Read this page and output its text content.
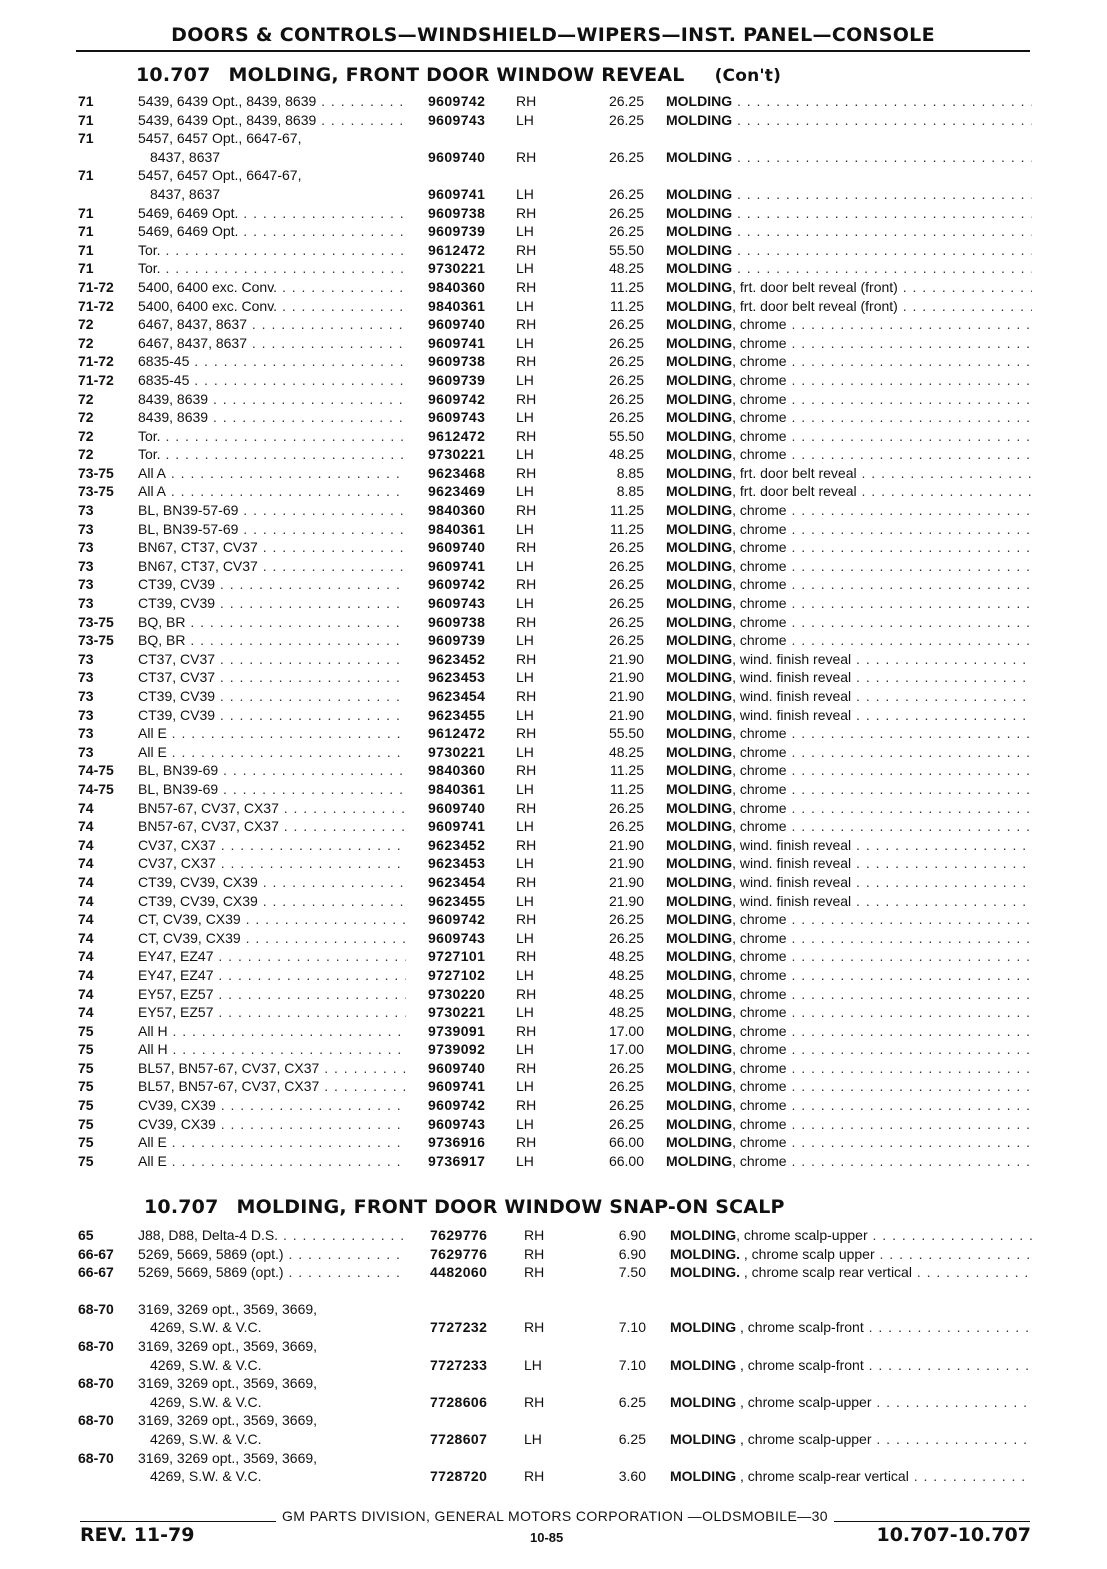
DOORS & CONTROLS—WINDSHIELD—WIPERS—INST. PANEL—CONSOLE
10.707 MOLDING, FRONT DOOR WINDOW REVEAL (Con't)
71	5439, 6439 Opt., 8439, 8639 . . .	9609742 RH	26.25 MOLDING . . .
71	5439, 6439 Opt., 8439, 8639 . . .	9609743 LH	26.25 MOLDING . . .
71	5457, 6457 Opt., 6647-67,
8437, 8637	9609740 RH	26.25 MOLDING . . .
71	5457, 6457 Opt., 6647-67,
8437, 8637	9609741 LH	26.25 MOLDING . . .
71	5469, 6469 Opt. . . .	9609738 RH	26.25 MOLDING . . .
71	5469, 6469 Opt. . . .	9609739 LH	26.25 MOLDING . . .
71	Tor. . . .	9612472 RH	55.50 MOLDING . . .
71	Tor. . . .	9730221 LH	48.25 MOLDING . . .
71-72 5400, 6400 exc. Conv. . . .	9840360 RH	11.25 MOLDING, frt. door belt reveal (front) . . .
71-72 5400, 6400 exc. Conv. . . .	9840361 LH	11.25 MOLDING, frt. door belt reveal (front) . . .
72	6467, 8437, 8637 . . .	9609740 RH	26.25 MOLDING, chrome . . .
72	6467, 8437, 8637 . . .	9609741 LH	26.25 MOLDING, chrome . . .
71-72 6835-45 . . .	9609738 RH	26.25 MOLDING, chrome . . .
71-72 6835-45 . . .	9609739 LH	26.25 MOLDING, chrome . . .
72	8439, 8639 . . .	9609742 RH	26.25 MOLDING, chrome . . .
72	8439, 8639 . . .	9609743 LH	26.25 MOLDING, chrome . . .
72	Tor. . . .	9612472 RH	55.50 MOLDING, chrome . . .
72	Tor. . . .	9730221 LH	48.25 MOLDING, chrome . . .
73-75 All A . . .	9623468 RH	8.85 MOLDING, frt. door belt reveal . . .
73-75 All A . . .	9623469 LH	8.85 MOLDING, frt. door belt reveal . . .
73	BL, BN39-57-69 . . .	9840360 RH	11.25 MOLDING, chrome . . .
73	BL, BN39-57-69 . . .	9840361 LH	11.25 MOLDING, chrome . . .
73	BN67, CT37, CV37 . . .	9609740 RH	26.25 MOLDING, chrome . . .
73	BN67, CT37, CV37 . . .	9609741 LH	26.25 MOLDING, chrome . . .
73	CT39, CV39 . . .	9609742 RH	26.25 MOLDING, chrome . . .
73	CT39, CV39 . . .	9609743 LH	26.25 MOLDING, chrome . . .
73-75 BQ, BR . . .	9609738 RH	26.25 MOLDING, chrome . . .
73-75 BQ, BR . . .	9609739 LH	26.25 MOLDING, chrome . . .
73	CT37, CV37 . . .	9623452 RH	21.90 MOLDING, wind. finish reveal . . .
73	CT37, CV37 . . .	9623453 LH	21.90 MOLDING, wind. finish reveal . . .
73	CT39, CV39 . . .	9623454 RH	21.90 MOLDING, wind. finish reveal . . .
73	CT39, CV39 . . .	9623455 LH	21.90 MOLDING, wind. finish reveal . . .
73	All E . . .	9612472 RH	55.50 MOLDING, chrome . . .
73	All E . . .	9730221 LH	48.25 MOLDING, chrome . . .
74-75 BL, BN39-69 . . .	9840360 RH	11.25 MOLDING, chrome . . .
74-75 BL, BN39-69 . . .	9840361 LH	11.25 MOLDING, chrome . . .
74	BN57-67, CV37, CX37 . . .	9609740 RH	26.25 MOLDING, chrome . . .
74	BN57-67, CV37, CX37 . . .	9609741 LH	26.25 MOLDING, chrome . . .
74	CV37, CX37 . . .	9623452 RH	21.90 MOLDING, wind. finish reveal . . .
74	CV37, CX37 . . .	9623453 LH	21.90 MOLDING, wind. finish reveal . . .
74	CT39, CV39, CX39 . . .	9623454 RH	21.90 MOLDING, wind. finish reveal . . .
74	CT39, CV39, CX39 . . .	9623455 LH	21.90 MOLDING, wind. finish reveal . . .
74	CT, CV39, CX39 . . .	9609742 RH	26.25 MOLDING, chrome . . .
74	CT, CV39, CX39 . . .	9609743 LH	26.25 MOLDING, chrome . . .
74	EY47, EZ47 . . .	9727101 RH	48.25 MOLDING, chrome . . .
74	EY47, EZ47 . . .	9727102 LH	48.25 MOLDING, chrome . . .
74	EY57, EZ57 . . .	9730220 RH	48.25 MOLDING, chrome . . .
74	EY57, EZ57 . . .	9730221 LH	48.25 MOLDING, chrome . . .
75	All H . . .	9739091 RH	17.00 MOLDING, chrome . . .
75	All H . . .	9739092 LH	17.00 MOLDING, chrome . . .
75	BL57, BN57-67, CV37, CX37 . . .	9609740 RH	26.25 MOLDING, chrome . . .
75	BL57, BN57-67, CV37, CX37 . . .	9609741 LH	26.25 MOLDING, chrome . . .
75	CV39, CX39 . . .	9609742 RH	26.25 MOLDING, chrome . . .
75	CV39, CX39 . . .	9609743 LH	26.25 MOLDING, chrome . . .
75	All E . . .	9736916 RH	66.00 MOLDING, chrome . . .
75	All E . . .	9736917 LH	66.00 MOLDING, chrome . . .
10.707 MOLDING, FRONT DOOR WINDOW SNAP-ON SCALP
65	J88, D88, Delta-4 D.S. . . .	7629776	RH	6.90 MOLDING, chrome scalp-upper . . .
66-67 5269, 5669, 5869 (opt.) . . .	7629776	RH	6.90 MOLDING. , chrome scalp upper . . .
66-67 5269, 5669, 5869 (opt.) . . .	4482060	RH	7.50 MOLDING. , chrome scalp rear vertical . . .
68-70 3169, 3269 opt., 3569, 3669,
4269, S.W. & V.C.	7727232	RH	7.10 MOLDING , chrome scalp-front . . .
68-70 3169, 3269 opt., 3569, 3669,
4269, S.W. & V.C.	7727233	LH	7.10 MOLDING , chrome scalp-front . . .
68-70 3169, 3269 opt., 3569, 3669,
4269, S.W. & V.C.	7728606	RH	6.25 MOLDING , chrome scalp-upper . . .
68-70 3169, 3269 opt., 3569, 3669,
4269, S.W. & V.C.	7728607	LH	6.25 MOLDING , chrome scalp-upper . . .
68-70 3169, 3269 opt., 3569, 3669,
4269, S.W. & V.C.	7728720	RH	3.60 MOLDING , chrome scalp-rear vertical . . .
GM PARTS DIVISION, GENERAL MOTORS CORPORATION —OLDSMOBILE—30
REV. 11-79	10-85	10.707-10.707
